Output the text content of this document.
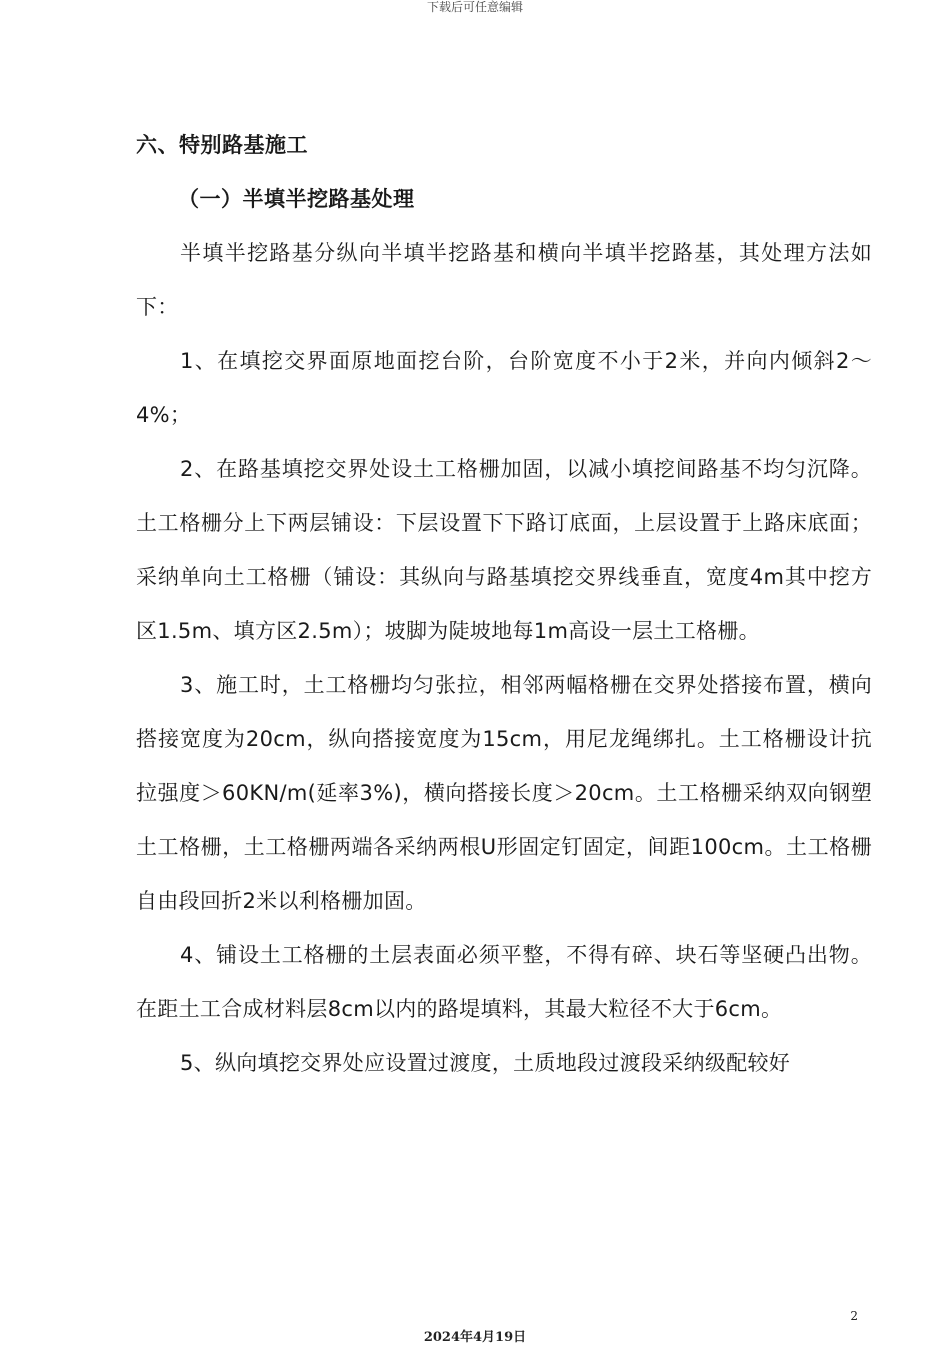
下载后可任意编辑

六、特别路基施工

（一）半填半挖路基处理

半填半挖路基分纵向半填半挖路基和横向半填半挖路基，其处理方法如下：

1、在填挖交界面原地面挖台阶，台阶宽度不小于2米，并向内倾斜2～4%；

2、在路基填挖交界处设土工格栅加固，以减小填挖间路基不均匀沉降。土工格栅分上下两层铺设：下层设置下下路订底面，上层设置于上路床底面；采纳单向土工格栅（铺设：其纵向与路基填挖交界线垂直，宽度4m其中挖方区1.5m、填方区2.5m）；坡脚为陡坡地每1m高设一层土工格栅。

3、施工时，土工格栅均匀张拉，相邻两幅格栅在交界处搭接布置，横向搭接宽度为20cm，纵向搭接宽度为15cm，用尼龙绳绑扎。土工格栅设计抗拉强度＞60KN/m(延率3%)，横向搭接长度＞20cm。土工格栅采纳双向钢塑土工格栅，土工格栅两端各采纳两根U形固定钉固定，间距100cm。土工格栅自由段回折2米以利格栅加固。

4、铺设土工格栅的土层表面必须平整，不得有碎、块石等坚硬凸出物。在距土工合成材料层8cm以内的路堤填料，其最大粒径不大于6cm。

5、纵向填挖交界处应设置过渡度，土质地段过渡段采纳级配较好

2
2024年4月19日
